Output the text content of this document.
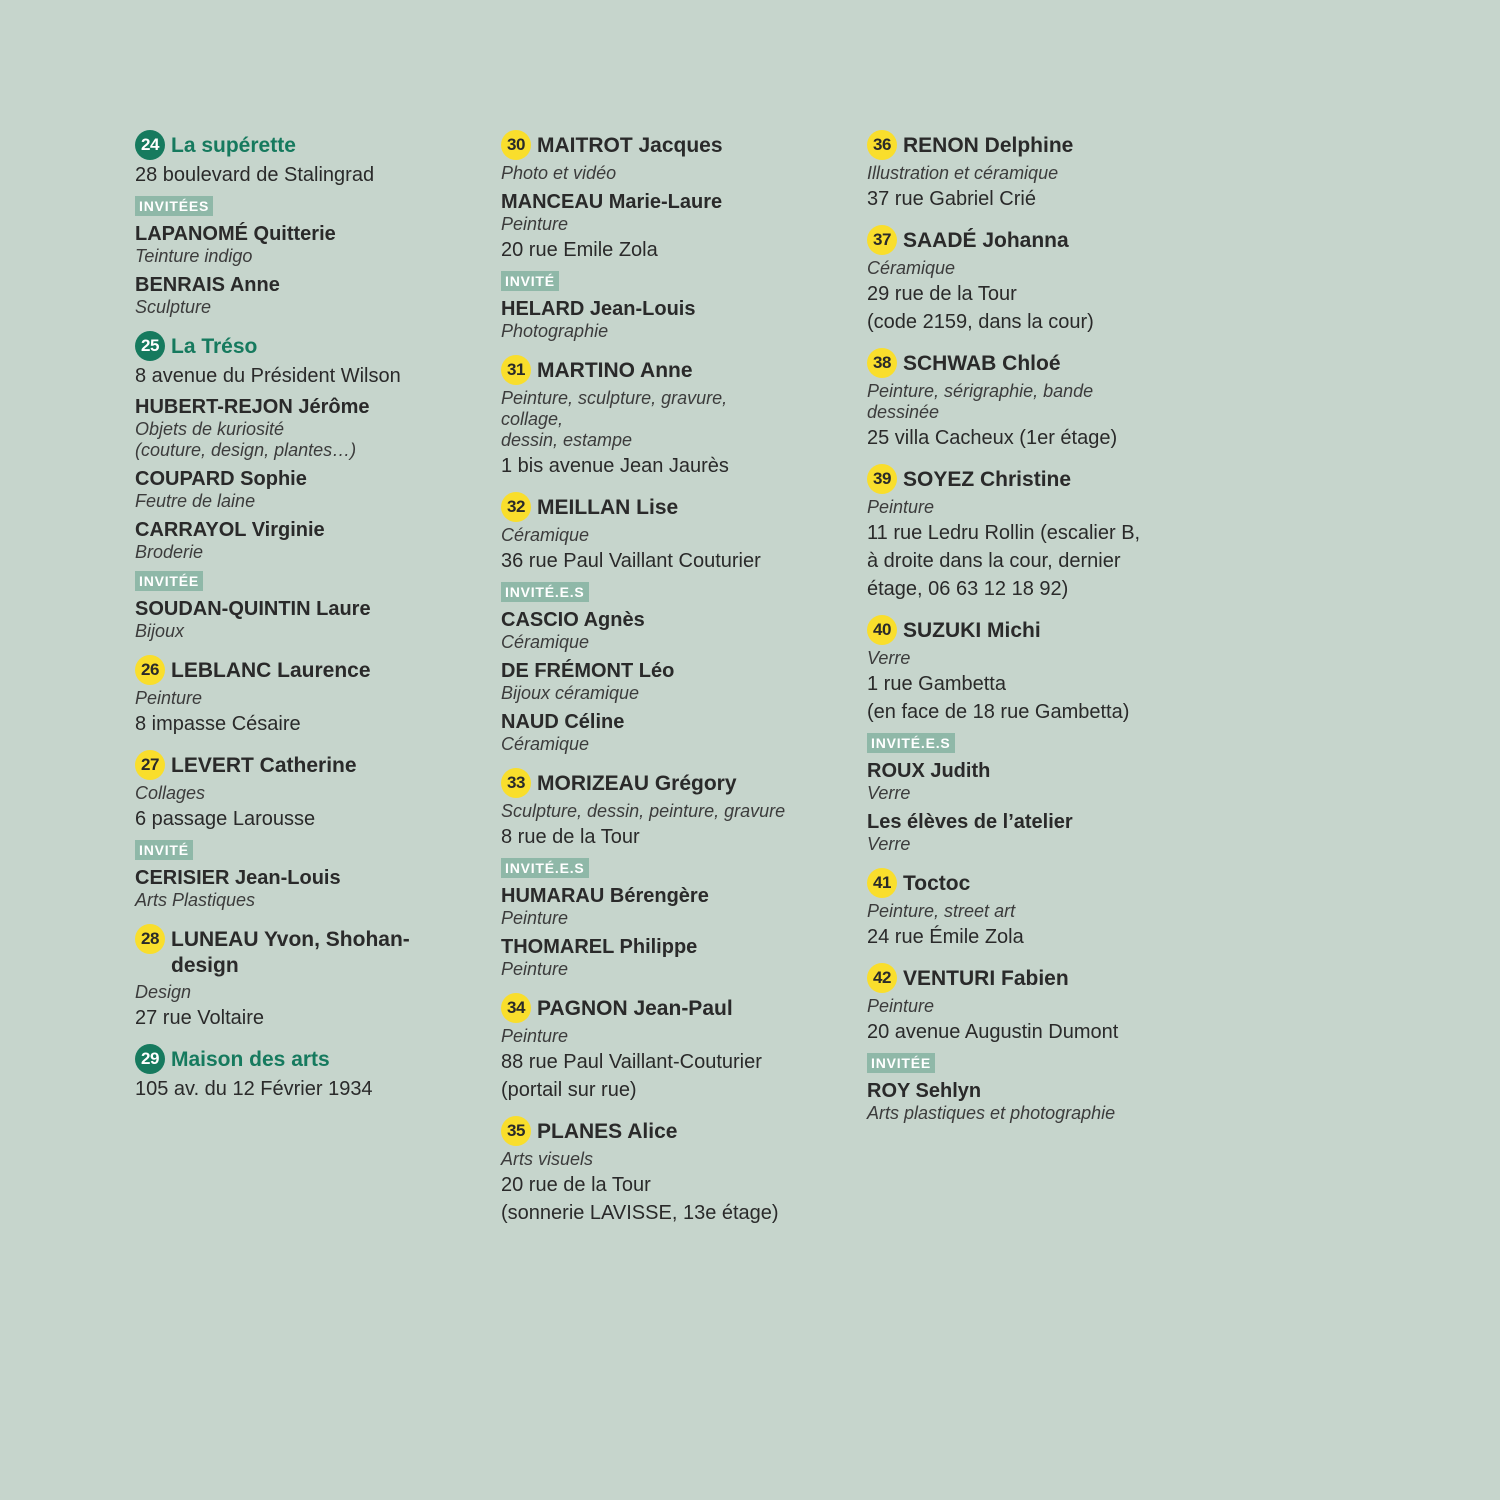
24 La supérette
28 boulevard de Stalingrad
INVITÉES
LAPANOMÉ Quitterie
Teinture indigo
BENRAIS Anne
Sculpture
25 La Tréso
8 avenue du Président Wilson
HUBERT-REJON Jérôme
Objets de kuriosité
(couture, design, plantes…)
COUPARD Sophie
Feutre de laine
CARRAYOL Virginie
Broderie
INVITÉE
SOUDAN-QUINTIN Laure
Bijoux
26 LEBLANC Laurence
Peinture
8 impasse Césaire
27 LEVERT Catherine
Collages
6 passage Larousse
INVITÉ
CERISIER Jean-Louis
Arts Plastiques
28 LUNEAU Yvon, Shohan-design
Design
27 rue Voltaire
29 Maison des arts
105 av. du 12 Février 1934
30 MAITROT Jacques
Photo et vidéo
MANCEAU Marie-Laure
Peinture
20 rue Emile Zola
INVITÉ
HELARD Jean-Louis
Photographie
31 MARTINO Anne
Peinture, sculpture, gravure,
collage,
dessin, estampe
1 bis avenue Jean Jaurès
32 MEILLAN Lise
Céramique
36 rue Paul Vaillant Couturier
INVITÉ.E.S
CASCIO Agnès
Céramique
DE FRÉMONT Léo
Bijoux céramique
NAUD Céline
Céramique
33 MORIZEAU Grégory
Sculpture, dessin, peinture, gravure
8 rue de la Tour
INVITÉ.E.S
HUMARAU Bérengère
Peinture
THOMAREL Philippe
Peinture
34 PAGNON Jean-Paul
Peinture
88 rue Paul Vaillant-Couturier
(portail sur rue)
35 PLANES Alice
Arts visuels
20 rue de la Tour
(sonnerie LAVISSE, 13e étage)
36 RENON Delphine
Illustration et céramique
37 rue Gabriel Crié
37 SAADÉ Johanna
Céramique
29 rue de la Tour
(code 2159, dans la cour)
38 SCHWAB Chloé
Peinture, sérigraphie, bande
dessinée
25 villa Cacheux (1er étage)
39 SOYEZ Christine
Peinture
11 rue Ledru Rollin (escalier B,
à droite dans la cour, dernier
étage, 06 63 12 18 92)
40 SUZUKI Michi
Verre
1 rue Gambetta
(en face de 18 rue Gambetta)
INVITÉ.E.S
ROUX Judith
Verre
Les élèves de l’atelier
Verre
41 Toctoc
Peinture, street art
24 rue Émile Zola
42 VENTURI Fabien
Peinture
20 avenue Augustin Dumont
INVITÉE
ROY Sehlyn
Arts plastiques et photographie
